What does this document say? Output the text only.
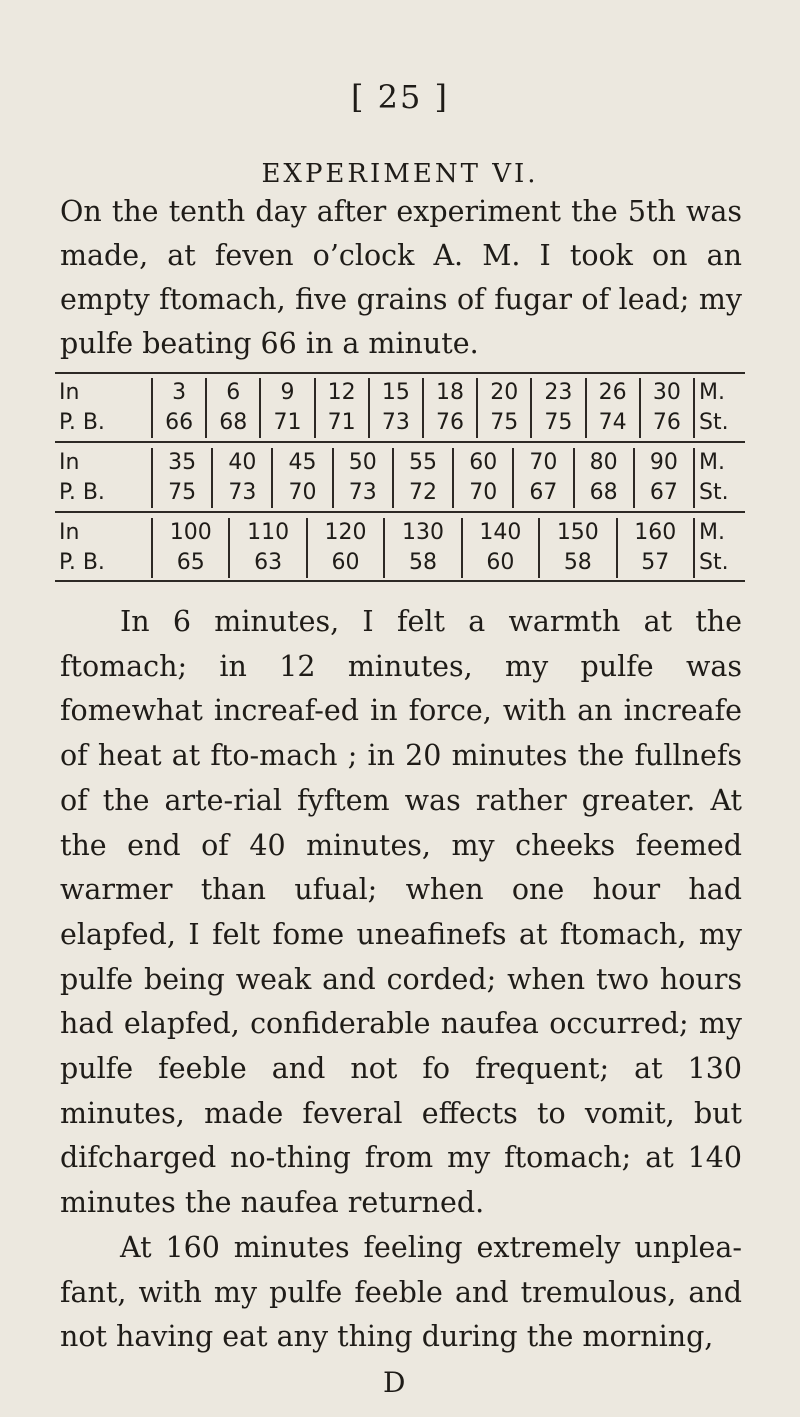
[ 25 ]
EXPERIMENT VI.

On the tenth day after experiment the 5th was made, at feven o’clock A. M. I took on an empty ftomach, five grains of fugar of lead; my pulfe beating 66 in a minute.

In	3	6	9	12	15	18	20	23	26	30	M.
P. B.	66	68	71	71	73	76	75	75	74	76	St.
In	35	40	45	50	55	60	70	80	90	M.
P. B.	75	73	70	73	72	70	67	68	67	St.
In	100	110	120	130	140	150	160	M.
P. B.	65	63	60	58	60	58	57	St.
In 6 minutes, I felt a warmth at the ftomach; in 12 minutes, my pulfe was fomewhat increaf-ed in force, with an increafe of heat at fto-mach ; in 20 minutes the fullnefs of the arte-rial fyftem was rather greater. At the end of 40 minutes, my cheeks feemed warmer than ufual; when one hour had elapfed, I felt fome uneafinefs at ftomach, my pulfe being weak and corded; when two hours had elapfed, confiderable naufea occurred; my pulfe feeble and not fo frequent; at 130 minutes, made feveral effects to vomit, but difcharged no-thing from my ftomach; at 140 minutes the naufea returned.
At 160 minutes feeling extremely unplea-fant, with my pulfe feeble and tremulous, and not having eat any thing during the morning,
D
